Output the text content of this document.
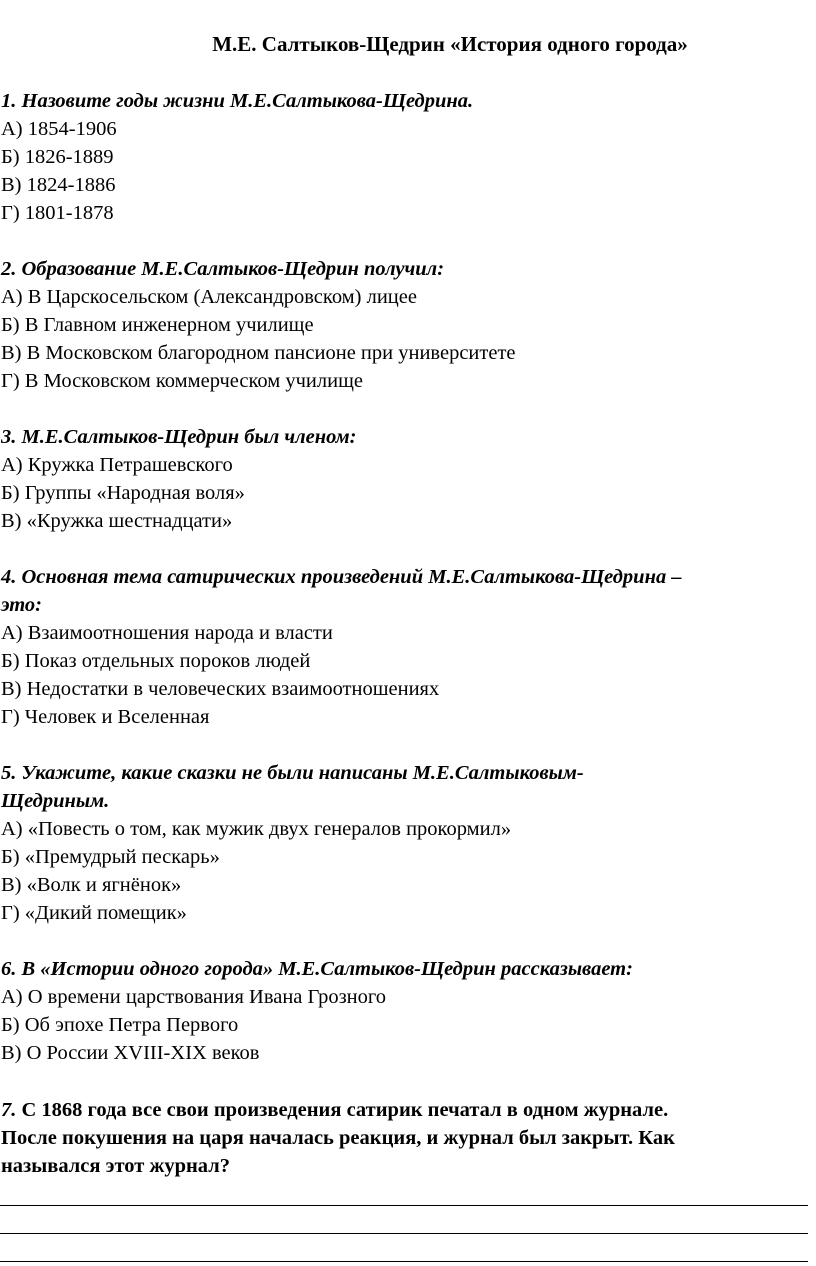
М.Е. Салтыков-Щедрин «История одного города»
1. Назовите годы жизни М.Е.Салтыкова-Щедрина.
А) 1854-1906
Б) 1826-1889
В) 1824-1886
Г) 1801-1878
2. Образование М.Е.Салтыков-Щедрин получил:
А) В Царскосельском (Александровском) лицее
Б) В Главном инженерном училище
В) В Московском благородном пансионе при университете
Г) В Московском коммерческом училище
3. М.Е.Салтыков-Щедрин был членом:
А) Кружка Петрашевского
Б) Группы «Народная воля»
В) «Кружка шестнадцати»
4. Основная тема сатирических произведений М.Е.Салтыкова-Щедрина –
это:
А) Взаимоотношения народа и власти
Б) Показ отдельных пороков людей
В) Недостатки в человеческих взаимоотношениях
Г) Человек и Вселенная
5. Укажите, какие сказки не были написаны М.Е.Салтыковым-
Щедриным.
А) «Повесть о том, как мужик двух генералов прокормил»
Б) «Премудрый пескарь»
В) «Волк и ягнёнок»
Г) «Дикий помещик»
6. В «Истории одного города» М.Е.Салтыков-Щедрин рассказывает:
А) О времени царствования Ивана Грозного
Б) Об эпохе Петра Первого
В) О России XVIII-XIX веков
7. С 1868 года все свои произведения сатирик печатал в одном журнале.
После покушения на царя началась реакция, и журнал был закрыт. Как
назывался этот журнал?
